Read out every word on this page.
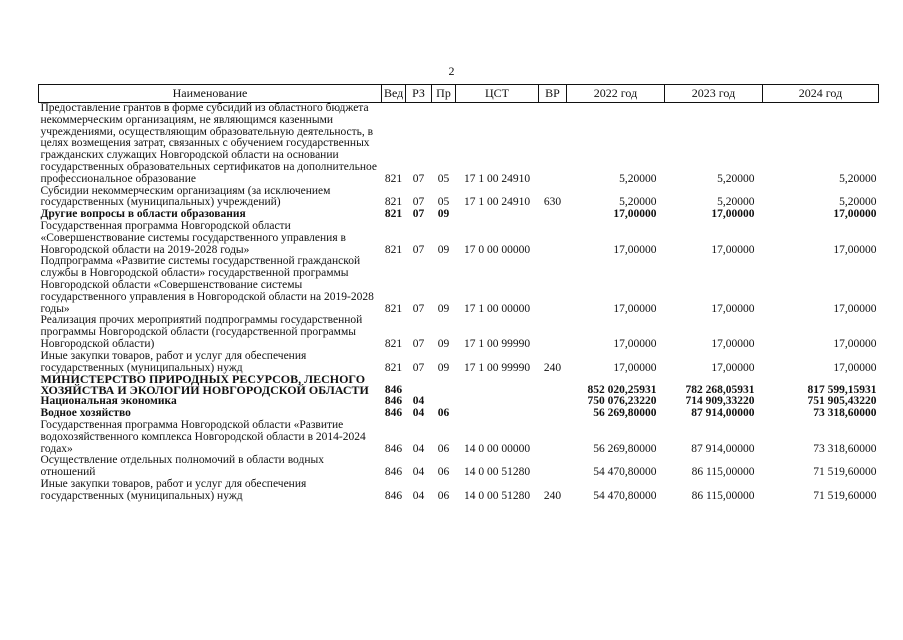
2
Наименование	Вед	РЗ	Пр	ЦСТ	ВР	2022 год	2023 год	2024 год
Предоставление грантов в форме субсидий из областного бюджета некоммерческим организациям, не являющимся казенными учреждениями, осуществляющим образовательную деятельность, в целях возмещения затрат, связанных с обучением государственных гражданских служащих Новгородской области на основании государственных образовательных сертификатов на дополнительное профессиональное образование	821	07	05	17 1 00 24910		5,20000	5,20000	5,20000
Субсидии некоммерческим организациям (за исключением государственных (муниципальных) учреждений)	821	07	05	17 1 00 24910	630	5,20000	5,20000	5,20000
Другие вопросы в области образования	821	07	09			17,00000	17,00000	17,00000
Государственная программа Новгородской области «Совершенствование системы государственного управления в Новгородской области на 2019-2028 годы»	821	07	09	17 0 00 00000		17,00000	17,00000	17,00000
Подпрограмма «Развитие системы государственной гражданской службы в Новгородской области» государственной программы Новгородской области «Совершенствование системы государственного управления в Новгородской области на 2019-2028 годы»	821	07	09	17 1 00 00000		17,00000	17,00000	17,00000
Реализация прочих мероприятий подпрограммы государственной программы Новгородской области (государственной программы Новгородской области)	821	07	09	17 1 00 99990		17,00000	17,00000	17,00000
Иные закупки товаров, работ и услуг для обеспечения государственных (муниципальных) нужд	821	07	09	17 1 00 99990	240	17,00000	17,00000	17,00000
МИНИСТЕРСТВО ПРИРОДНЫХ РЕСУРСОВ, ЛЕСНОГО ХОЗЯЙСТВА И ЭКОЛОГИИ НОВГОРОДСКОЙ ОБЛАСТИ	846					852 020,25931	782 268,05931	817 599,15931
Национальная экономика	846	04				750 076,23220	714 909,33220	751 905,43220
Водное хозяйство	846	04	06			56 269,80000	87 914,00000	73 318,60000
Государственная программа Новгородской области «Развитие водохозяйственного комплекса Новгородской области в 2014-2024 годах»	846	04	06	14 0 00 00000		56 269,80000	87 914,00000	73 318,60000
Осуществление отдельных полномочий в области водных отношений	846	04	06	14 0 00 51280		54 470,80000	86 115,00000	71 519,60000
Иные закупки товаров, работ и услуг для обеспечения государственных (муниципальных) нужд	846	04	06	14 0 00 51280	240	54 470,80000	86 115,00000	71 519,60000
